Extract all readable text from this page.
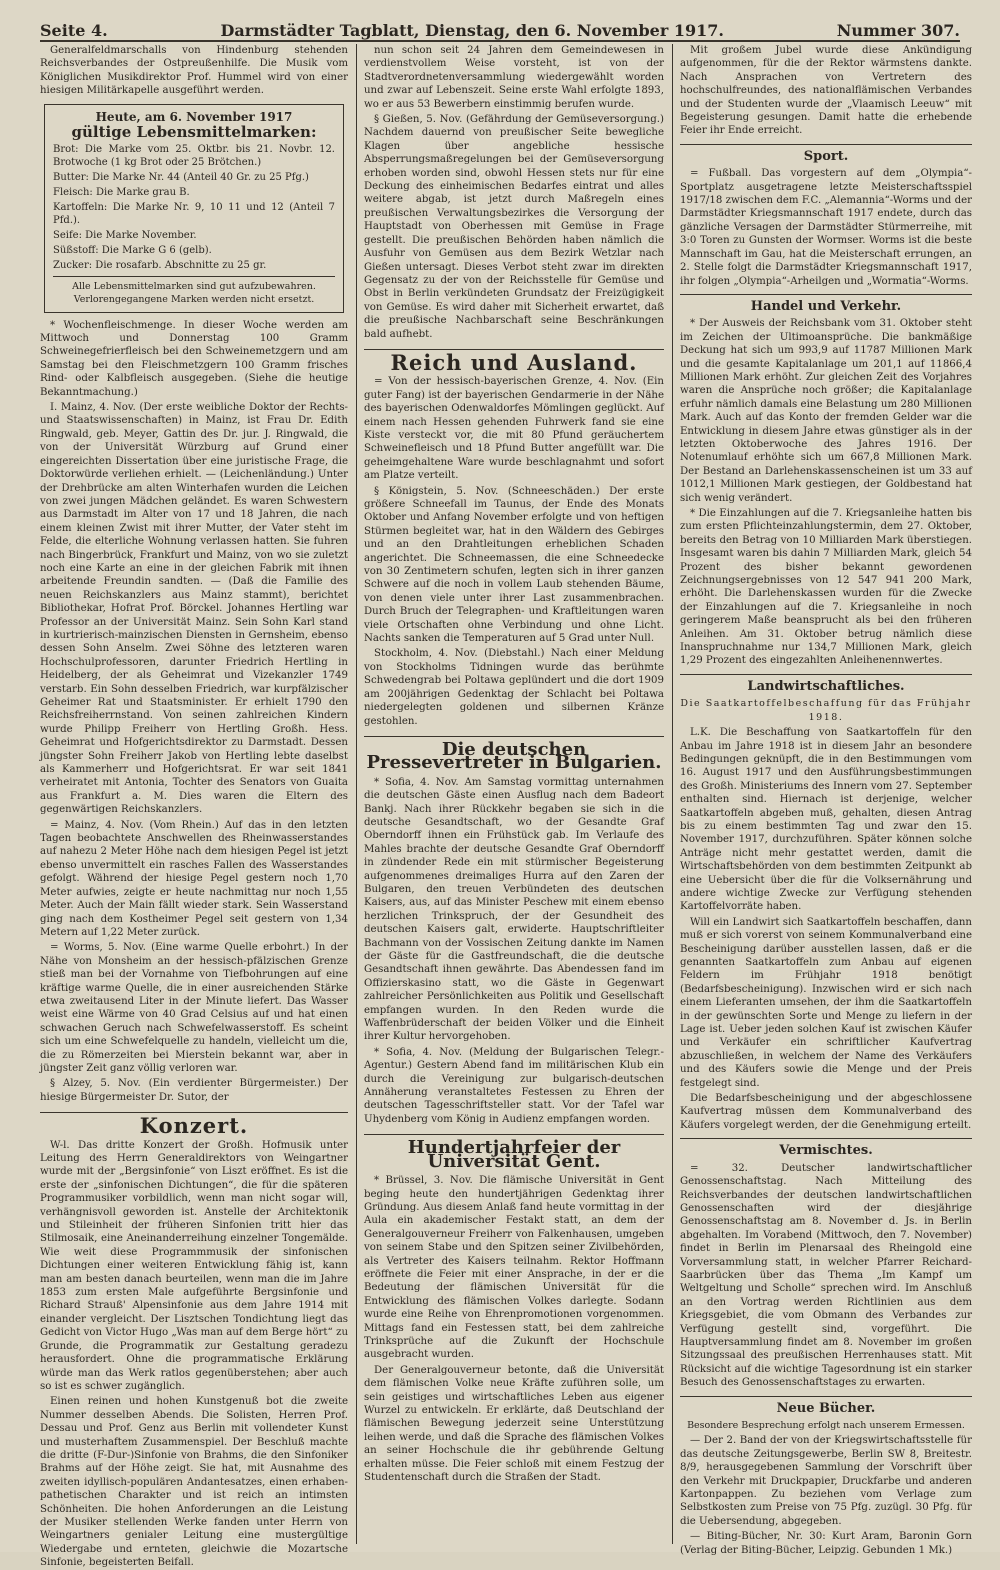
Seite 4.	Darmstädter Tagblatt, Dienstag, den 6. November 1917.	Nummer 307.

Generalfeldmarschalls von Hindenburg stehenden Reichsverbandes der Ostpreußenhilfe. Die Musik vom Königlichen Musikdirektor Prof. Hummel wird von einer hiesigen Militärkapelle ausgeführt werden.

Heute, am 6. November 1917
gültige Lebensmittelmarken:

Brot: Die Marke vom 25. Oktbr. bis 21. Novbr. 12. Brotwoche (1 kg Brot oder 25 Brötchen.)

Butter: Die Marke Nr. 44 (Anteil 40 Gr. zu 25 Pfg.)

Fleisch: Die Marke grau B.

Kartoffeln: Die Marke Nr. 9, 10 11 und 12 (Anteil 7 Pfd.).

Seife: Die Marke November.

Süßstoff: Die Marke G 6 (gelb).

Zucker: Die rosafarb. Abschnitte zu 25 gr.

Alle Lebensmittelmarken sind gut aufzubewahren. Verlorengegangene Marken werden nicht ersetzt.

* Wochenfleischmenge. In dieser Woche werden am Mittwoch und Donnerstag 100 Gramm Schweinegefrierfleisch bei den Schweinemetzgern und am Samstag bei den Fleischmetzgern 100 Gramm frisches Rind- oder Kalbfleisch ausgegeben. (Siehe die heutige Bekanntmachung.)

I. Mainz, 4. Nov. (Der erste weibliche Doktor der Rechts- und Staatswissenschaften) in Mainz, ist Frau Dr. Edith Ringwald, geb. Meyer, Gattin des Dr. jur. J. Ringwald, die von der Universität Würzburg auf Grund einer eingereichten Dissertation über eine juristische Frage, die Doktorwürde verliehen erhielt. — (Leichenländung.) Unter der Drehbrücke am alten Winterhafen wurden die Leichen von zwei jungen Mädchen geländet. Es waren Schwestern aus Darmstadt im Alter von 17 und 18 Jahren, die nach einem kleinen Zwist mit ihrer Mutter, der Vater steht im Felde, die elterliche Wohnung verlassen hatten. Sie fuhren nach Bingerbrück, Frankfurt und Mainz, von wo sie zuletzt noch eine Karte an eine in der gleichen Fabrik mit ihnen arbeitende Freundin sandten. — (Daß die Familie des neuen Reichskanzlers aus Mainz stammt), berichtet Bibliothekar, Hofrat Prof. Börckel. Johannes Hertling war Professor an der Universität Mainz. Sein Sohn Karl stand in kurtrierisch-mainzischen Diensten in Gernsheim, ebenso dessen Sohn Anselm. Zwei Söhne des letzteren waren Hochschulprofessoren, darunter Friedrich Hertling in Heidelberg, der als Geheimrat und Vizekanzler 1749 verstarb. Ein Sohn desselben Friedrich, war kurpfälzischer Geheimer Rat und Staatsminister. Er erhielt 1790 den Reichsfreiherrnstand. Von seinen zahlreichen Kindern wurde Philipp Freiherr von Hertling Großh. Hess. Geheimrat und Hofgerichtsdirektor zu Darmstadt. Dessen jüngster Sohn Freiherr Jakob von Hertling lebte daselbst als Kammerherr und Hofgerichtsrat. Er war seit 1841 verheiratet mit Antonia, Tochter des Senators von Guaita aus Frankfurt a. M. Dies waren die Eltern des gegenwärtigen Reichskanzlers.

= Mainz, 4. Nov. (Vom Rhein.) Auf das in den letzten Tagen beobachtete Anschwellen des Rheinwasserstandes auf nahezu 2 Meter Höhe nach dem hiesigen Pegel ist jetzt ebenso unvermittelt ein rasches Fallen des Wasserstandes gefolgt. Während der hiesige Pegel gestern noch 1,70 Meter aufwies, zeigte er heute nachmittag nur noch 1,55 Meter. Auch der Main fällt wieder stark. Sein Wasserstand ging nach dem Kostheimer Pegel seit gestern von 1,34 Metern auf 1,22 Meter zurück.

= Worms, 5. Nov. (Eine warme Quelle erbohrt.) In der Nähe von Monsheim an der hessisch-pfälzischen Grenze stieß man bei der Vornahme von Tiefbohrungen auf eine kräftige warme Quelle, die in einer ausreichenden Stärke etwa zweitausend Liter in der Minute liefert. Das Wasser weist eine Wärme von 40 Grad Celsius auf und hat einen schwachen Geruch nach Schwefelwasserstoff. Es scheint sich um eine Schwefelquelle zu handeln, vielleicht um die, die zu Römerzeiten bei Mierstein bekannt war, aber in jüngster Zeit ganz völlig verloren war.

§ Alzey, 5. Nov. (Ein verdienter Bürgermeister.) Der hiesige Bürgermeister Dr. Sutor, der

Konzert.

W-l. Das dritte Konzert der Großh. Hofmusik unter Leitung des Herrn Generaldirektors von Weingartner wurde mit der „Bergsinfonie“ von Liszt eröffnet. Es ist die erste der „sinfonischen Dichtungen“, die für die späteren Programmusiker vorbildlich, wenn man nicht sogar will, verhängnisvoll geworden ist. Anstelle der Architektonik und Stileinheit der früheren Sinfonien tritt hier das Stilmosaik, eine Aneinanderreihung einzelner Tongemälde. Wie weit diese Programmmusik der sinfonischen Dichtungen einer weiteren Entwicklung fähig ist, kann man am besten danach beurteilen, wenn man die im Jahre 1853 zum ersten Male aufgeführte Bergsinfonie und Richard Strauß' Alpensinfonie aus dem Jahre 1914 mit einander vergleicht. Der Lisztschen Tondichtung liegt das Gedicht von Victor Hugo „Was man auf dem Berge hört“ zu Grunde, die Programmatik zur Gestaltung geradezu herausfordert. Ohne die programmatische Erklärung würde man das Werk ratlos gegenüberstehen; aber auch so ist es schwer zugänglich.

Einen reinen und hohen Kunstgenuß bot die zweite Nummer desselben Abends. Die Solisten, Herren Prof. Dessau und Prof. Genz aus Berlin mit vollendeter Kunst und musterhaftem Zusammenspiel. Der Beschluß machte die dritte (F-Dur-)Sinfonie von Brahms, die den Sinfoniker Brahms auf der Höhe zeigt. Sie hat, mit Ausnahme des zweiten idyllisch-populären Andantesatzes, einen erhaben-pathetischen Charakter und ist reich an intimsten Schönheiten. Die hohen Anforderungen an die Leistung der Musiker stellenden Werke fanden unter Herrn von Weingartners genialer Leitung eine mustergültige Wiedergabe und ernteten, gleichwie die Mozartsche Sinfonie, begeisterten Beifall.

nun schon seit 24 Jahren dem Gemeindewesen in verdienstvollem Weise vorsteht, ist von der Stadtverordnetenversammlung wiedergewählt worden und zwar auf Lebenszeit. Seine erste Wahl erfolgte 1893, wo er aus 53 Bewerbern einstimmig berufen wurde.

§ Gießen, 5. Nov. (Gefährdung der Gemüseversorgung.) Nachdem dauernd von preußischer Seite bewegliche Klagen über angebliche hessische Absperrungsmaßregelungen bei der Gemüseversorgung erhoben worden sind, obwohl Hessen stets nur für eine Deckung des einheimischen Bedarfes eintrat und alles weitere abgab, ist jetzt durch Maßregeln eines preußischen Verwaltungsbezirkes die Versorgung der Hauptstadt von Oberhessen mit Gemüse in Frage gestellt. Die preußischen Behörden haben nämlich die Ausfuhr von Gemüsen aus dem Bezirk Wetzlar nach Gießen untersagt. Dieses Verbot steht zwar im direkten Gegensatz zu der von der Reichsstelle für Gemüse und Obst in Berlin verkündeten Grundsatz der Freizügigkeit von Gemüse. Es wird daher mit Sicherheit erwartet, daß die preußische Nachbarschaft seine Beschränkungen bald aufhebt.

Reich und Ausland.

= Von der hessisch-bayerischen Grenze, 4. Nov. (Ein guter Fang) ist der bayerischen Gendarmerie in der Nähe des bayerischen Odenwaldorfes Mömlingen geglückt. Auf einem nach Hessen gehenden Fuhrwerk fand sie eine Kiste versteckt vor, die mit 80 Pfund geräuchertem Schweinefleisch und 18 Pfund Butter angefüllt war. Die geheimgehaltene Ware wurde beschlagnahmt und sofort am Platze verteilt.

§ Königstein, 5. Nov. (Schneeschäden.) Der erste größere Schneefall im Taunus, der Ende des Monats Oktober und Anfang November erfolgte und von heftigen Stürmen begleitet war, hat in den Wäldern des Gebirges und an den Drahtleitungen erheblichen Schaden angerichtet. Die Schneemassen, die eine Schneedecke von 30 Zentimetern schufen, legten sich in ihrer ganzen Schwere auf die noch in vollem Laub stehenden Bäume, von denen viele unter ihrer Last zusammenbrachen. Durch Bruch der Telegraphen- und Kraftleitungen waren viele Ortschaften ohne Verbindung und ohne Licht. Nachts sanken die Temperaturen auf 5 Grad unter Null.

Stockholm, 4. Nov. (Diebstahl.) Nach einer Meldung von Stockholms Tidningen wurde das berühmte Schwedengrab bei Poltawa geplündert und die dort 1909 am 200jährigen Gedenktag der Schlacht bei Poltawa niedergelegten goldenen und silbernen Kränze gestohlen.

Die deutschen Pressevertreter in Bulgarien.

* Sofia, 4. Nov. Am Samstag vormittag unternahmen die deutschen Gäste einen Ausflug nach dem Badeort Bankj. Nach ihrer Rückkehr begaben sie sich in die deutsche Gesandtschaft, wo der Gesandte Graf Oberndorff ihnen ein Frühstück gab. Im Verlaufe des Mahles brachte der deutsche Gesandte Graf Oberndorff in zündender Rede ein mit stürmischer Begeisterung aufgenommenes dreimaliges Hurra auf den Zaren der Bulgaren, den treuen Verbündeten des deutschen Kaisers, aus, auf das Minister Peschew mit einem ebenso herzlichen Trinkspruch, der der Gesundheit des deutschen Kaisers galt, erwiderte. Hauptschriftleiter Bachmann von der Vossischen Zeitung dankte im Namen der Gäste für die Gastfreundschaft, die die deutsche Gesandtschaft ihnen gewährte. Das Abendessen fand im Offizierskasino statt, wo die Gäste in Gegenwart zahlreicher Persönlichkeiten aus Politik und Gesellschaft empfangen wurden. In den Reden wurde die Waffenbrüderschaft der beiden Völker und die Einheit ihrer Kultur hervorgehoben.

* Sofia, 4. Nov. (Meldung der Bulgarischen Telegr.-Agentur.) Gestern Abend fand im militärischen Klub ein durch die Vereinigung zur bulgarisch-deutschen Annäherung veranstaltetes Festessen zu Ehren der deutschen Tagesschriftsteller statt. Vor der Tafel war Uhydenberg vom König in Audienz empfangen worden.

Hundertjahrfeier der Universität Gent.

* Brüssel, 3. Nov. Die flämische Universität in Gent beging heute den hundertjährigen Gedenktag ihrer Gründung. Aus diesem Anlaß fand heute vormittag in der Aula ein akademischer Festakt statt, an dem der Generalgouverneur Freiherr von Falkenhausen, umgeben von seinem Stabe und den Spitzen seiner Zivilbehörden, als Vertreter des Kaisers teilnahm. Rektor Hoffmann eröffnete die Feier mit einer Ansprache, in der er die Bedeutung der flämischen Universität für die Entwicklung des flämischen Volkes darlegte. Sodann wurde eine Reihe von Ehrenpromotionen vorgenommen. Mittags fand ein Festessen statt, bei dem zahlreiche Trinksprüche auf die Zukunft der Hochschule ausgebracht wurden.

Der Generalgouverneur betonte, daß die Universität dem flämischen Volke neue Kräfte zuführen solle, um sein geistiges und wirtschaftliches Leben aus eigener Wurzel zu entwickeln. Er erklärte, daß Deutschland der flämischen Bewegung jederzeit seine Unterstützung leihen werde, und daß die Sprache des flämischen Volkes an seiner Hochschule die ihr gebührende Geltung erhalten müsse. Die Feier schloß mit einem Festzug der Studentenschaft durch die Straßen der Stadt.

Mit großem Jubel wurde diese Ankündigung aufgenommen, für die der Rektor wärmstens dankte. Nach Ansprachen von Vertretern des hochschulfreundes, des nationalflämischen Verbandes und der Studenten wurde der „Vlaamisch Leeuw“ mit Begeisterung gesungen. Damit hatte die erhebende Feier ihr Ende erreicht.

Sport.

= Fußball. Das vorgestern auf dem „Olympia“-Sportplatz ausgetragene letzte Meisterschaftsspiel 1917/18 zwischen dem F.C. „Alemannia“-Worms und der Darmstädter Kriegsmannschaft 1917 endete, durch das gänzliche Versagen der Darmstädter Stürmerreihe, mit 3:0 Toren zu Gunsten der Wormser. Worms ist die beste Mannschaft im Gau, hat die Meisterschaft errungen, an 2. Stelle folgt die Darmstädter Kriegsmannschaft 1917, ihr folgen „Olympia“-Arheilgen und „Wormatia“-Worms.

Handel und Verkehr.

* Der Ausweis der Reichsbank vom 31. Oktober steht im Zeichen der Ultimoansprüche. Die bankmäßige Deckung hat sich um 993,9 auf 11787 Millionen Mark und die gesamte Kapitalanlage um 201,1 auf 11866,4 Millionen Mark erhöht. Zur gleichen Zeit des Vorjahres waren die Ansprüche noch größer; die Kapitalanlage erfuhr nämlich damals eine Belastung um 280 Millionen Mark. Auch auf das Konto der fremden Gelder war die Entwicklung in diesem Jahre etwas günstiger als in der letzten Oktoberwoche des Jahres 1916. Der Notenumlauf erhöhte sich um 667,8 Millionen Mark. Der Bestand an Darlehenskassenscheinen ist um 33 auf 1012,1 Millionen Mark gestiegen, der Goldbestand hat sich wenig verändert.

* Die Einzahlungen auf die 7. Kriegsanleihe hatten bis zum ersten Pflichteinzahlungstermin, dem 27. Oktober, bereits den Betrag von 10 Milliarden Mark überstiegen. Insgesamt waren bis dahin 7 Milliarden Mark, gleich 54 Prozent des bisher bekannt gewordenen Zeichnungsergebnisses von 12 547 941 200 Mark, erhöht. Die Darlehenskassen wurden für die Zwecke der Einzahlungen auf die 7. Kriegsanleihe in noch geringerem Maße beansprucht als bei den früheren Anleihen. Am 31. Oktober betrug nämlich diese Inanspruchnahme nur 134,7 Millionen Mark, gleich 1,29 Prozent des eingezahlten Anleihenennwertes.

Landwirtschaftliches.

Die Saatkartoffelbeschaffung für das Frühjahr 1918.

L.K. Die Beschaffung von Saatkartoffeln für den Anbau im Jahre 1918 ist in diesem Jahr an besondere Bedingungen geknüpft, die in den Bestimmungen vom 16. August 1917 und den Ausführungsbestimmungen des Großh. Ministeriums des Innern vom 27. September enthalten sind. Hiernach ist derjenige, welcher Saatkartoffeln abgeben muß, gehalten, diesen Antrag bis zu einem bestimmten Tag und zwar den 15. November 1917, durchzuführen. Später können solche Anträge nicht mehr gestattet werden, damit die Wirtschaftsbehörden von dem bestimmten Zeitpunkt ab eine Uebersicht über die für die Volksernährung und andere wichtige Zwecke zur Verfügung stehenden Kartoffelvorräte haben.

Will ein Landwirt sich Saatkartoffeln beschaffen, dann muß er sich vorerst von seinem Kommunalverband eine Bescheinigung darüber ausstellen lassen, daß er die genannten Saatkartoffeln zum Anbau auf eigenen Feldern im Frühjahr 1918 benötigt (Bedarfsbescheinigung). Inzwischen wird er sich nach einem Lieferanten umsehen, der ihm die Saatkartoffeln in der gewünschten Sorte und Menge zu liefern in der Lage ist. Ueber jeden solchen Kauf ist zwischen Käufer und Verkäufer ein schriftlicher Kaufvertrag abzuschließen, in welchem der Name des Verkäufers und des Käufers sowie die Menge und der Preis festgelegt sind.

Die Bedarfsbescheinigung und der abgeschlossene Kaufvertrag müssen dem Kommunalverband des Käufers vorgelegt werden, der die Genehmigung erteilt.

Vermischtes.

= 32. Deutscher landwirtschaftlicher Genossenschaftstag. Nach Mitteilung des Reichsverbandes der deutschen landwirtschaftlichen Genossenschaften wird der diesjährige Genossenschaftstag am 8. November d. Js. in Berlin abgehalten. Im Vorabend (Mittwoch, den 7. November) findet in Berlin im Plenarsaal des Rheingold eine Vorversammlung statt, in welcher Pfarrer Reichard-Saarbrücken über das Thema „Im Kampf um Weltgeltung und Scholle“ sprechen wird. Im Anschluß an den Vortrag werden Richtlinien aus dem Kriegsgebiet, die vom Obmann des Verbandes zur Verfügung gestellt sind, vorgeführt. Die Hauptversammlung findet am 8. November im großen Sitzungssaal des preußischen Herrenhauses statt. Mit Rücksicht auf die wichtige Tagesordnung ist ein starker Besuch des Genossenschaftstages zu erwarten.

Neue Bücher.

Besondere Besprechung erfolgt nach unserem Ermessen.

— Der 2. Band der von der Kriegswirtschaftsstelle für das deutsche Zeitungsgewerbe, Berlin SW 8, Breitestr. 8/9, herausgegebenen Sammlung der Vorschrift über den Verkehr mit Druckpapier, Druckfarbe und anderen Kartonpappen. Zu beziehen vom Verlage zum Selbstkosten zum Preise von 75 Pfg. zuzügl. 30 Pfg. für die Uebersendung, abgegeben.

— Biting-Bücher, Nr. 30: Kurt Aram, Baronin Gorn (Verlag der Biting-Bücher, Leipzig. Gebunden 1 Mk.)
